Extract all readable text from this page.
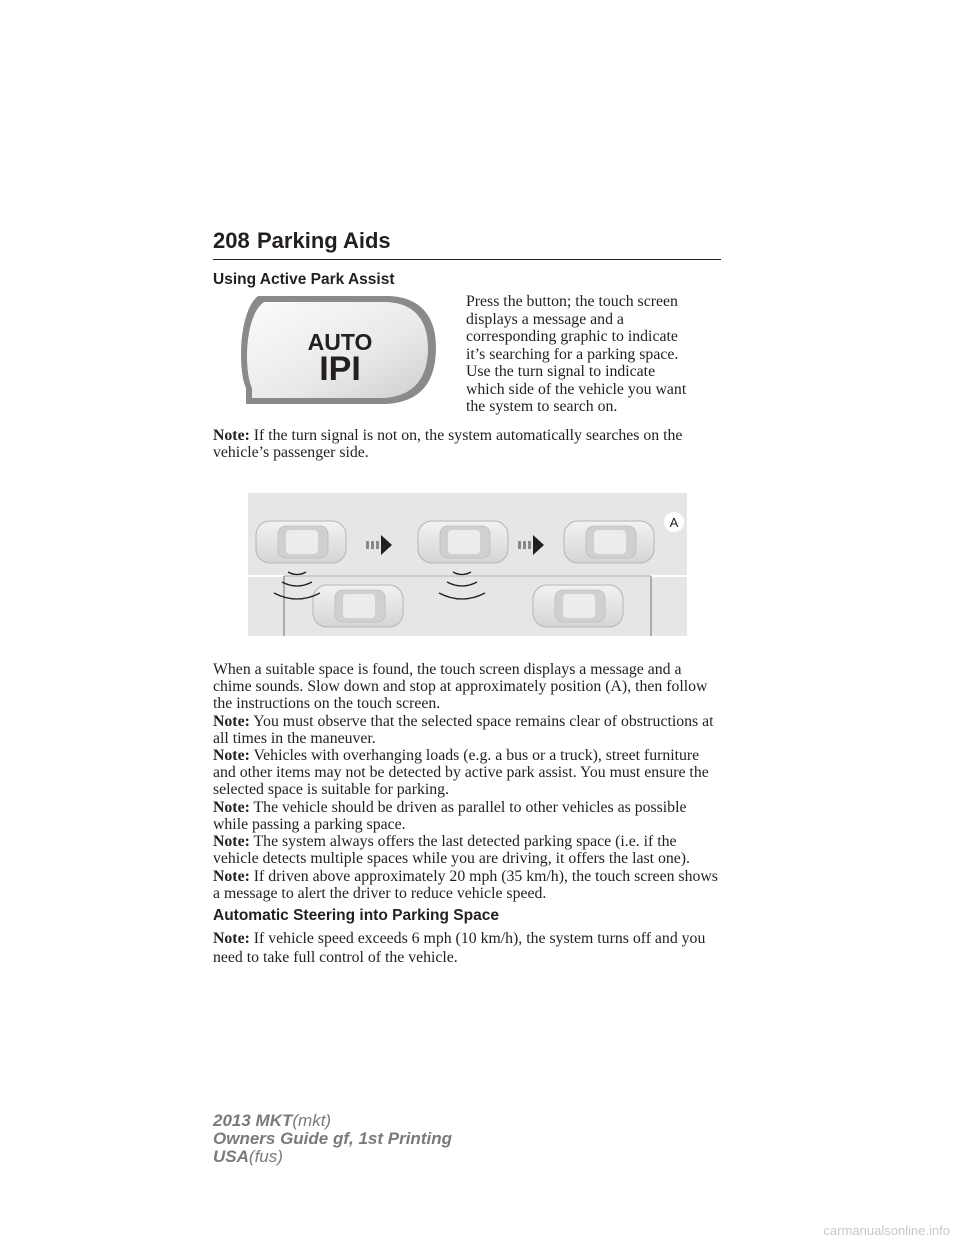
208 Parking Aids
Using Active Park Assist
AUTO
IPI
Press the button; the touch screen
displays a message and a
corresponding graphic to indicate
it’s searching for a parking space.
Use the turn signal to indicate
which side of the vehicle you want
the system to search on.
Note: If the turn signal is not on, the system automatically searches on the vehicle’s passenger side.
A
When a suitable space is found, the touch screen displays a message and a chime sounds. Slow down and stop at approximately position (A), then follow the instructions on the touch screen.
Note: You must observe that the selected space remains clear of obstructions at all times in the maneuver.
Note: Vehicles with overhanging loads (e.g. a bus or a truck), street furniture and other items may not be detected by active park assist. You must ensure the selected space is suitable for parking.
Note: The vehicle should be driven as parallel to other vehicles as possible while passing a parking space.
Note: The system always offers the last detected parking space (i.e. if the vehicle detects multiple spaces while you are driving, it offers the last one).
Note: If driven above approximately 20 mph (35 km/h), the touch screen shows a message to alert the driver to reduce vehicle speed.
Automatic Steering into Parking Space
Note: If vehicle speed exceeds 6 mph (10 km/h), the system turns off and you need to take full control of the vehicle.
2013 MKT(mkt)
Owners Guide gf, 1st Printing
USA(fus)
carmanualsonline.info
